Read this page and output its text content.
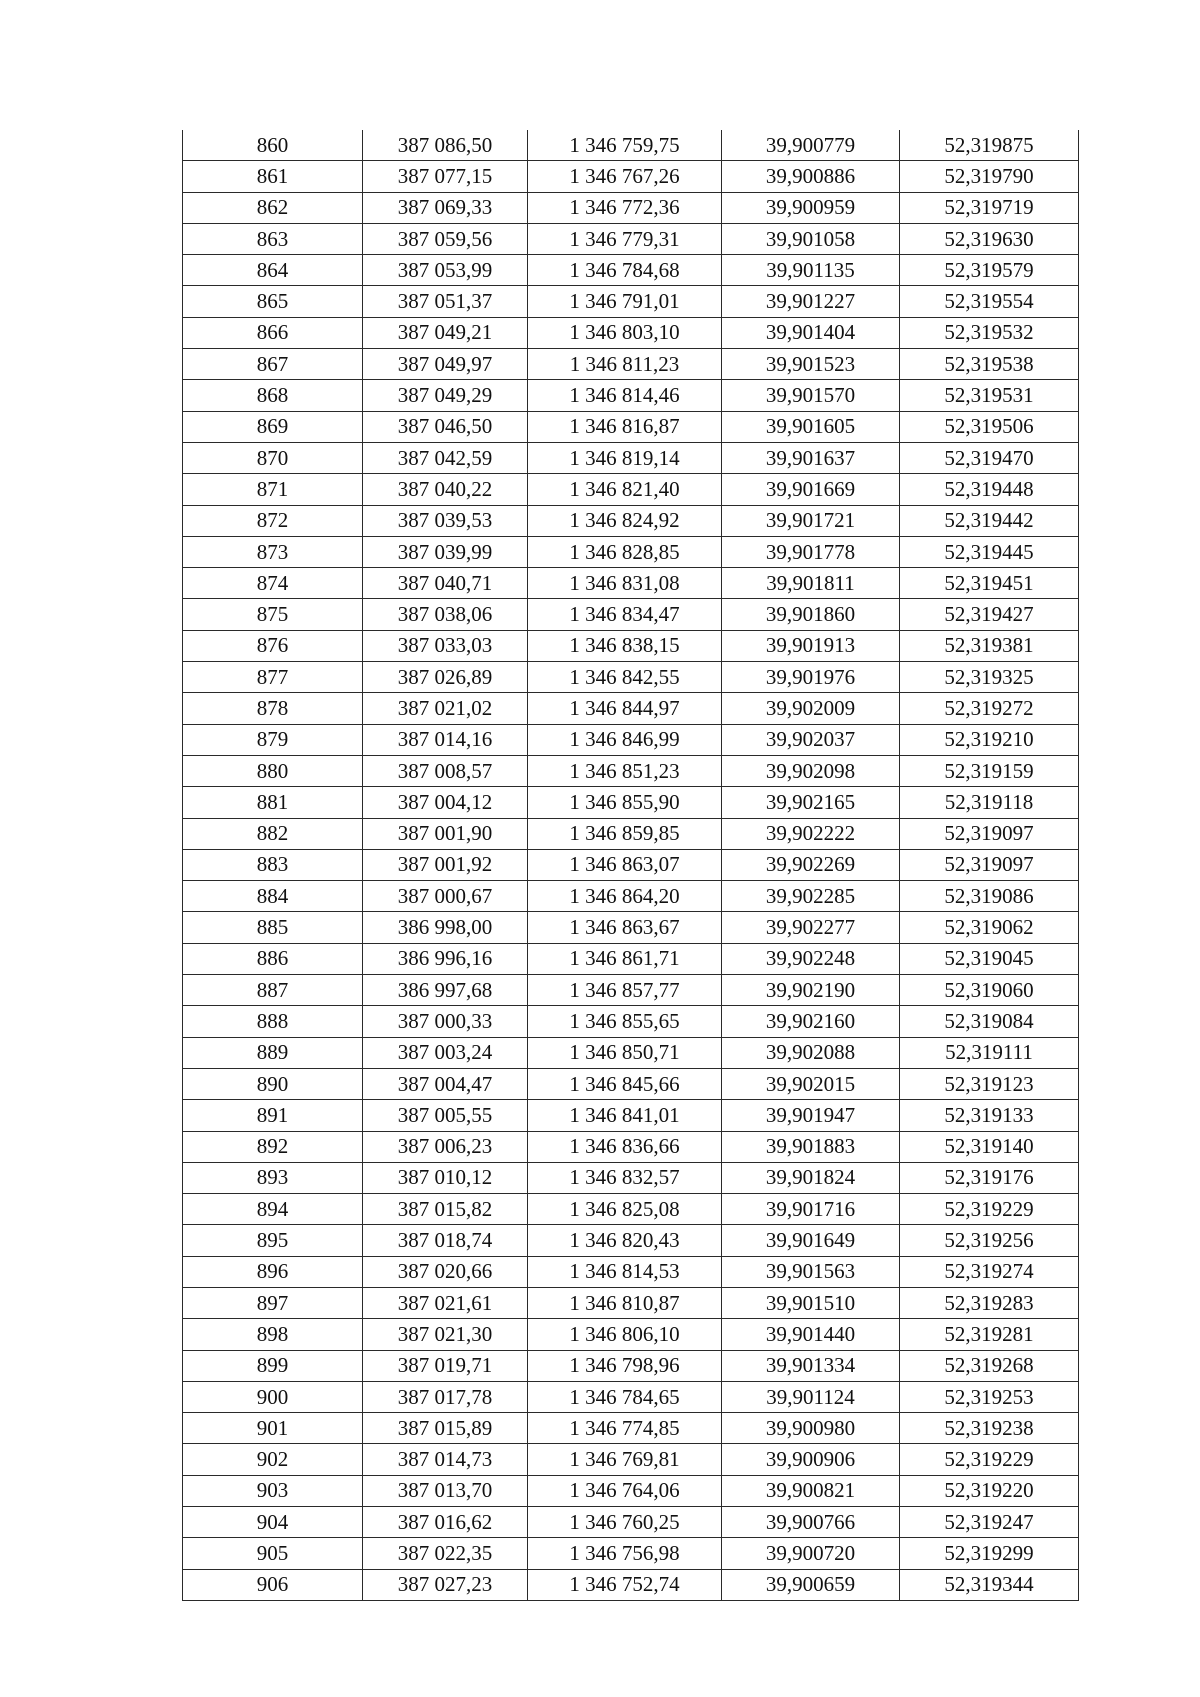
860	387 086,50	1 346 759,75	39,900779	52,319875
861	387 077,15	1 346 767,26	39,900886	52,319790
862	387 069,33	1 346 772,36	39,900959	52,319719
863	387 059,56	1 346 779,31	39,901058	52,319630
864	387 053,99	1 346 784,68	39,901135	52,319579
865	387 051,37	1 346 791,01	39,901227	52,319554
866	387 049,21	1 346 803,10	39,901404	52,319532
867	387 049,97	1 346 811,23	39,901523	52,319538
868	387 049,29	1 346 814,46	39,901570	52,319531
869	387 046,50	1 346 816,87	39,901605	52,319506
870	387 042,59	1 346 819,14	39,901637	52,319470
871	387 040,22	1 346 821,40	39,901669	52,319448
872	387 039,53	1 346 824,92	39,901721	52,319442
873	387 039,99	1 346 828,85	39,901778	52,319445
874	387 040,71	1 346 831,08	39,901811	52,319451
875	387 038,06	1 346 834,47	39,901860	52,319427
876	387 033,03	1 346 838,15	39,901913	52,319381
877	387 026,89	1 346 842,55	39,901976	52,319325
878	387 021,02	1 346 844,97	39,902009	52,319272
879	387 014,16	1 346 846,99	39,902037	52,319210
880	387 008,57	1 346 851,23	39,902098	52,319159
881	387 004,12	1 346 855,90	39,902165	52,319118
882	387 001,90	1 346 859,85	39,902222	52,319097
883	387 001,92	1 346 863,07	39,902269	52,319097
884	387 000,67	1 346 864,20	39,902285	52,319086
885	386 998,00	1 346 863,67	39,902277	52,319062
886	386 996,16	1 346 861,71	39,902248	52,319045
887	386 997,68	1 346 857,77	39,902190	52,319060
888	387 000,33	1 346 855,65	39,902160	52,319084
889	387 003,24	1 346 850,71	39,902088	52,319111
890	387 004,47	1 346 845,66	39,902015	52,319123
891	387 005,55	1 346 841,01	39,901947	52,319133
892	387 006,23	1 346 836,66	39,901883	52,319140
893	387 010,12	1 346 832,57	39,901824	52,319176
894	387 015,82	1 346 825,08	39,901716	52,319229
895	387 018,74	1 346 820,43	39,901649	52,319256
896	387 020,66	1 346 814,53	39,901563	52,319274
897	387 021,61	1 346 810,87	39,901510	52,319283
898	387 021,30	1 346 806,10	39,901440	52,319281
899	387 019,71	1 346 798,96	39,901334	52,319268
900	387 017,78	1 346 784,65	39,901124	52,319253
901	387 015,89	1 346 774,85	39,900980	52,319238
902	387 014,73	1 346 769,81	39,900906	52,319229
903	387 013,70	1 346 764,06	39,900821	52,319220
904	387 016,62	1 346 760,25	39,900766	52,319247
905	387 022,35	1 346 756,98	39,900720	52,319299
906	387 027,23	1 346 752,74	39,900659	52,319344
